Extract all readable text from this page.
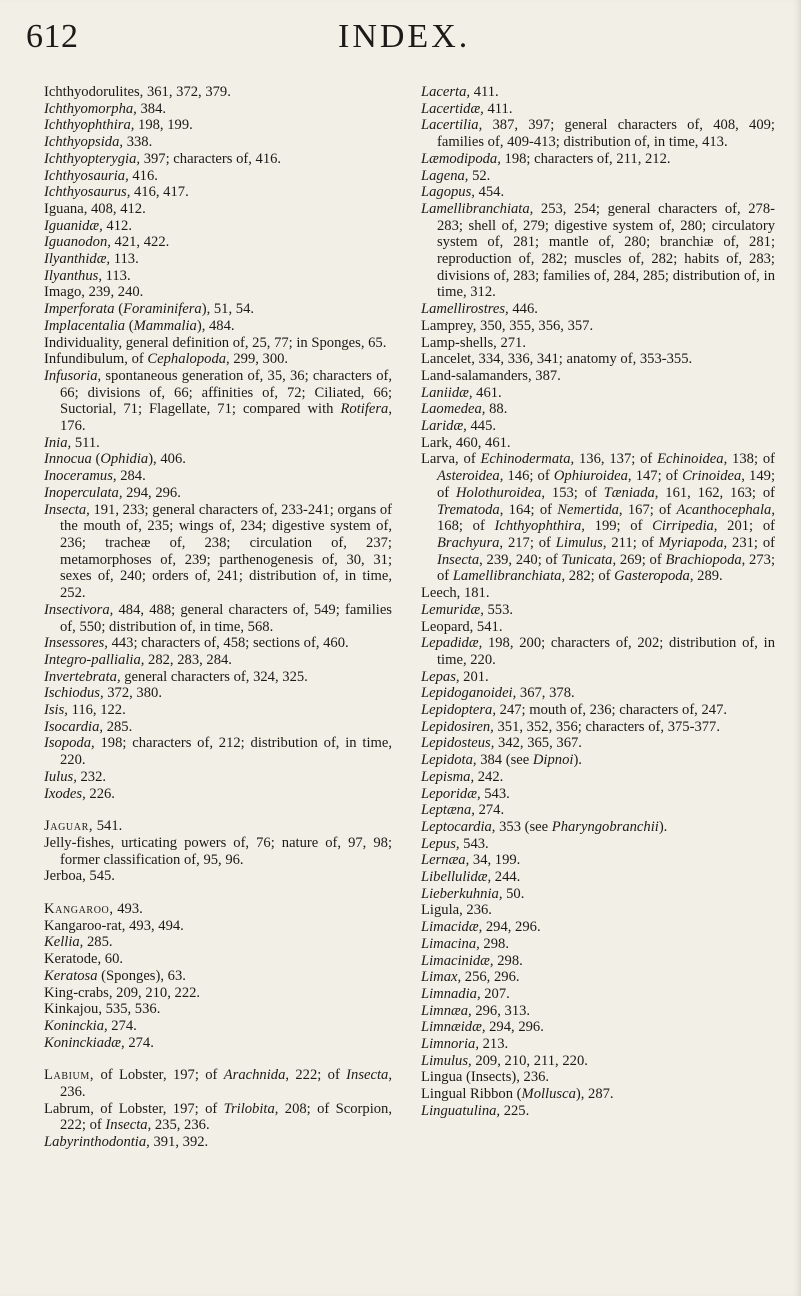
612	INDEX.
Ichthyodorulites, 361, 372, 379.
Ichthyomorpha, 384.
Ichthyophthira, 198, 199.
Ichthyopsida, 338.
Ichthyopterygia, 397; characters of, 416.
Ichthyosauria, 416.
Ichthyosaurus, 416, 417.
Iguana, 408, 412.
Iguanidæ, 412.
Iguanodon, 421, 422.
Ilyanthidæ, 113.
Ilyanthus, 113.
Imago, 239, 240.
Imperforata (Foraminifera), 51, 54.
Implacentalia (Mammalia), 484.
Individuality, general definition of, 25, 77; in Sponges, 65.
Infundibulum, of Cephalopoda, 299, 300.
Infusoria, spontaneous generation of, 35, 36; characters of, 66; divisions of, 66; affinities of, 72; Ciliated, 66; Suctorial, 71; Flagellate, 71; compared with Rotifera, 176.
Inia, 511.
Innocua (Ophidia), 406.
Inoceramus, 284.
Inoperculata, 294, 296.
Insecta, 191, 233; general characters of, 233-241; organs of the mouth of, 235; wings of, 234; digestive system of, 236; tracheæ of, 238; circulation of, 237; metamorphoses of, 239; parthenogenesis of, 30, 31; sexes of, 240; orders of, 241; distribution of, in time, 252.
Insectivora, 484, 488; general characters of, 549; families of, 550; distribution of, in time, 568.
Insessores, 443; characters of, 458; sections of, 460.
Integro-pallialia, 282, 283, 284.
Invertebrata, general characters of, 324, 325.
Ischiodus, 372, 380.
Isis, 116, 122.
Isocardia, 285.
Isopoda, 198; characters of, 212; distribution of, in time, 220.
Iulus, 232.
Ixodes, 226.
Jaguar, 541.
Jelly-fishes, urticating powers of, 76; nature of, 97, 98; former classification of, 95, 96.
Jerboa, 545.
Kangaroo, 493.
Kangaroo-rat, 493, 494.
Kellia, 285.
Keratode, 60.
Keratosa (Sponges), 63.
King-crabs, 209, 210, 222.
Kinkajou, 535, 536.
Koninckia, 274.
Koninckiadæ, 274.
Labium, of Lobster, 197; of Arachnida, 222; of Insecta, 236.
Labrum, of Lobster, 197; of Trilobita, 208; of Scorpion, 222; of Insecta, 235, 236.
Labyrinthodontia, 391, 392.
Lacerta, 411.
Lacertidæ, 411.
Lacertilia, 387, 397; general characters of, 408, 409; families of, 409-413; distribution of, in time, 413.
Læmodipoda, 198; characters of, 211, 212.
Lagena, 52.
Lagopus, 454.
Lamellibranchiata, 253, 254; general characters of, 278-283; shell of, 279; digestive system of, 280; circulatory system of, 281; mantle of, 280; branchiæ of, 281; reproduction of, 282; muscles of, 282; habits of, 283; divisions of, 283; families of, 284, 285; distribution of, in time, 312.
Lamellirostres, 446.
Lamprey, 350, 355, 356, 357.
Lamp-shells, 271.
Lancelet, 334, 336, 341; anatomy of, 353-355.
Land-salamanders, 387.
Laniidæ, 461.
Laomedea, 88.
Laridæ, 445.
Lark, 460, 461.
Larva, of Echinodermata, 136, 137; of Echinoidea, 138; of Asteroidea, 146; of Ophiuroidea, 147; of Crinoidea, 149; of Holothuroidea, 153; of Tæniada, 161, 162, 163; of Trematoda, 164; of Nemertida, 167; of Acanthocephala, 168; of Ichthyophthira, 199; of Cirripedia, 201; of Brachyura, 217; of Limulus, 211; of Myriapoda, 231; of Insecta, 239, 240; of Tunicata, 269; of Brachiopoda, 273; of Lamellibranchiata, 282; of Gasteropoda, 289.
Leech, 181.
Lemuridæ, 553.
Leopard, 541.
Lepadidæ, 198, 200; characters of, 202; distribution of, in time, 220.
Lepas, 201.
Lepidoganoidei, 367, 378.
Lepidoptera, 247; mouth of, 236; characters of, 247.
Lepidosiren, 351, 352, 356; characters of, 375-377.
Lepidosteus, 342, 365, 367.
Lepidota, 384 (see Dipnoi).
Lepisma, 242.
Leporidæ, 543.
Leptæna, 274.
Leptocardia, 353 (see Pharyngobranchii).
Lepus, 543.
Lernæa, 34, 199.
Libellulidæ, 244.
Lieberkuhnia, 50.
Ligula, 236.
Limacidæ, 294, 296.
Limacina, 298.
Limacinidæ, 298.
Limax, 256, 296.
Limnadia, 207.
Limnæa, 296, 313.
Limnæidæ, 294, 296.
Limnoria, 213.
Limulus, 209, 210, 211, 220.
Lingua (Insects), 236.
Lingual Ribbon (Mollusca), 287.
Linguatulina, 225.
